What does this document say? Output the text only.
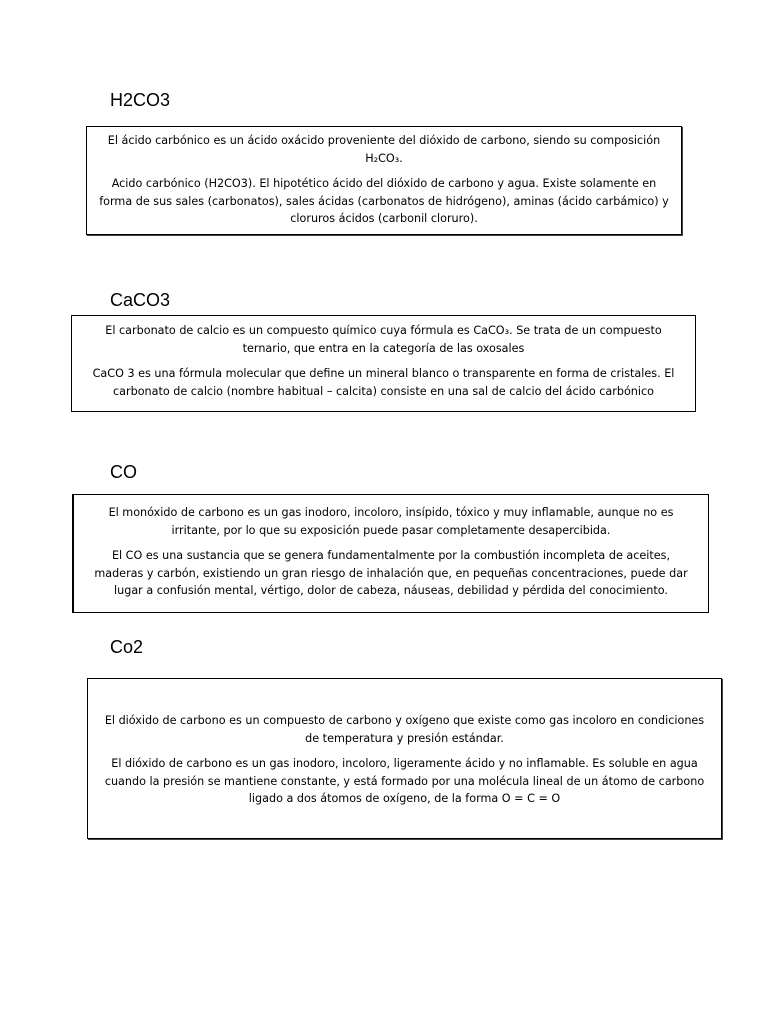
H2CO3

El ácido carbónico es un ácido oxácido proveniente del dióxido de carbono, siendo su composición H₂CO₃.

Acido carbónico (H2CO3). El hipotético ácido del dióxido de carbono y agua. Existe solamente en forma de sus sales (carbonatos), sales ácidas (carbonatos de hidrógeno), aminas (ácido carbámico) y cloruros ácidos (carbonil cloruro).

CaCO3

El carbonato de calcio es un compuesto químico cuya fórmula es CaCO₃. Se trata de un compuesto ternario, que entra en la categoría de las oxosales

CaCO 3 es una fórmula molecular que define un mineral blanco o transparente en forma de cristales. El carbonato de calcio (nombre habitual – calcita) consiste en una sal de calcio del ácido carbónico

CO

El monóxido de carbono es un gas inodoro, incoloro, insípido, tóxico y muy inflamable, aunque no es irritante, por lo que su exposición puede pasar completamente desapercibida.

El CO es una sustancia que se genera fundamentalmente por la combustión incompleta de aceites, maderas y carbón, existiendo un gran riesgo de inhalación que, en pequeñas concentraciones, puede dar lugar a confusión mental, vértigo, dolor de cabeza, náuseas, debilidad y pérdida del conocimiento.

Co2

El dióxido de carbono es un compuesto de carbono y oxígeno que existe como gas incoloro en condiciones de temperatura y presión estándar.

El dióxido de carbono es un gas inodoro, incoloro, ligeramente ácido y no inflamable. Es soluble en agua cuando la presión se mantiene constante, y está formado por una molécula lineal de un átomo de carbono ligado a dos átomos de oxígeno, de la forma O = C = O
